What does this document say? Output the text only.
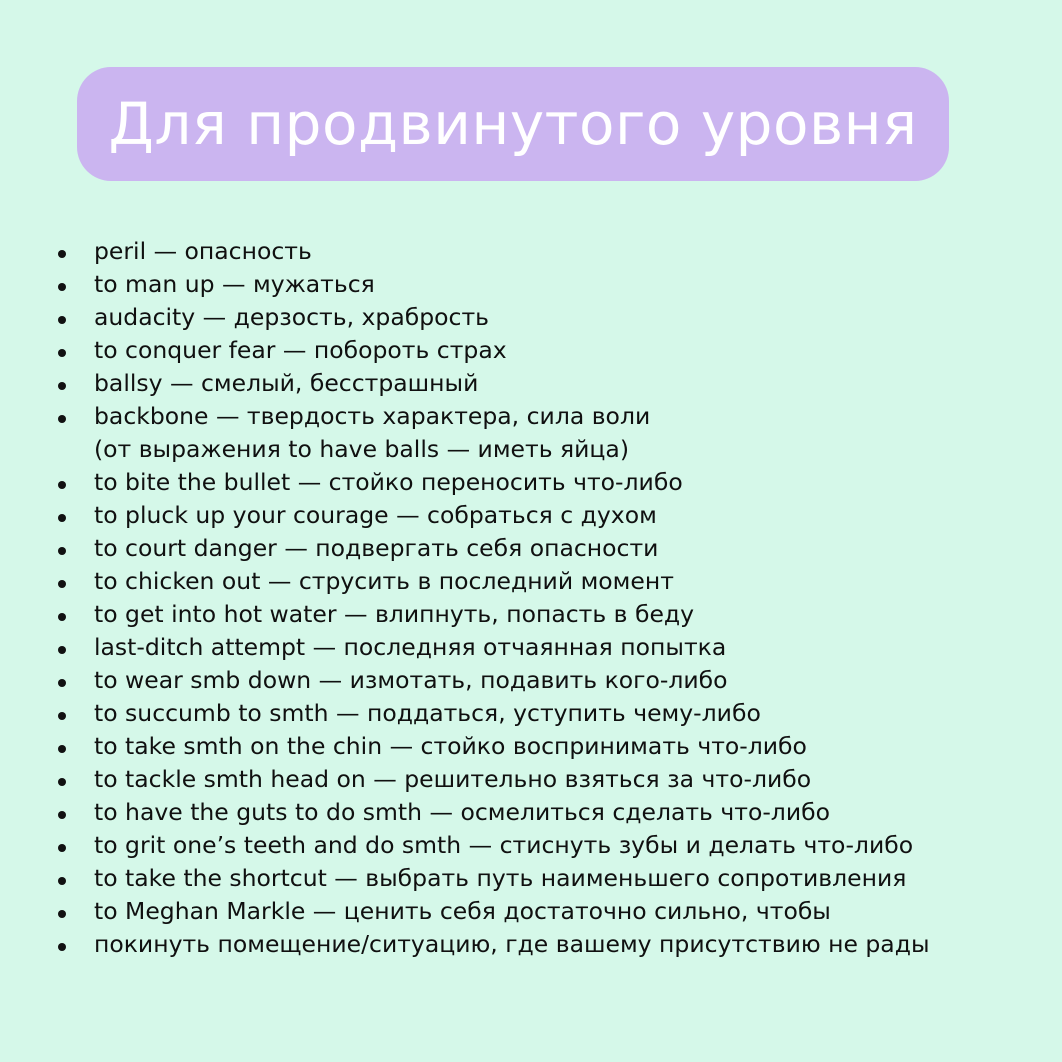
Для продвинутого уровня
peril — опасность
to man up — мужаться
audacity — дерзость, храбрость
to conquer fear — побороть страх
ballsy — смелый, бесстрашный
backbone — твердость характера, сила воли
(от выражения to have balls — иметь яйца)
to bite the bullet — стойко переносить что-либо
to pluck up your courage — собраться с духом
to court danger — подвергать себя опасности
to chicken out — струсить в последний момент
to get into hot water — влипнуть, попасть в беду
last-ditch attempt — последняя отчаянная попытка
to wear smb down — измотать, подавить кого-либо
to succumb to smth — поддаться, уступить чему-либо
to take smth on the chin — стойко воспринимать что-либо
to tackle smth head on — решительно взяться за что-либо
to have the guts to do smth — осмелиться сделать что-либо
to grit one’s teeth and do smth — стиснуть зубы и делать что-либо
to take the shortcut — выбрать путь наименьшего сопротивления
to Meghan Markle — ценить себя достаточно сильно, чтобы
покинуть помещение/ситуацию, где вашему присутствию не рады
